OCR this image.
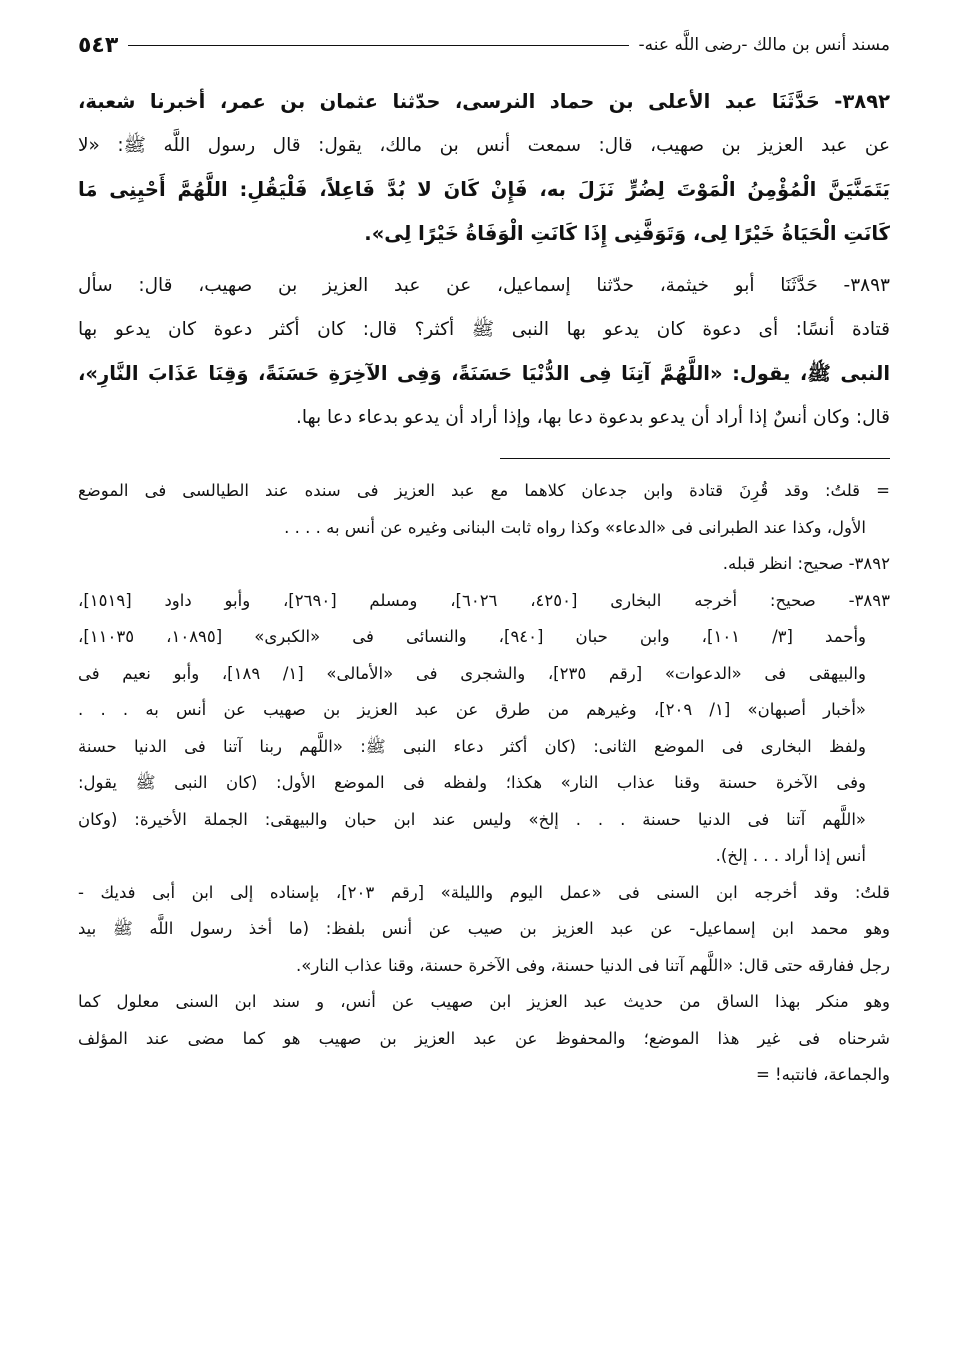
مسند أنس بن مالك -رضى اللَّه عنه-
٥٤٣
٣٨٩٢- حَدَّثَنَا عبد الأعلى بن حماد النرسى، حدّثنا عثمان بن عمر، أخبرنا شعبة،
عن عبد العزيز بن صهيب، قال: سمعت أنس بن مالك، يقول: قال رسول اللَّه ﷺ: «لا
يَتَمَنَّيَنَّ الْمُؤْمِنُ الْمَوْتَ لِضُرٍّ نَزَلَ به، فَإِنْ كَانَ لا بُدَّ فَاعِلاً، فَلْيَقُلِ: اللَّهُمَّ أَحْيِنِى مَا
كَانَتِ الْحَيَاةُ خَيْرًا لِى، وَتَوَفَّنِى إِذَا كَانَتِ الْوَفَاةُ خَيْرًا لِى».
٣٨٩٣- حَدَّثَنَا أبو خيثمة، حدّثنا إسماعيل، عن عبد العزيز بن صهيب، قال: سأل
قتادة أنسًا: أى دعوة كان يدعو بها النبى ﷺ أكثر؟ قال: كان أكثر دعوة كان يدعو بها
النبى ﷺ، يقول: «اللَّهُمَّ آتِنَا فِى الدُّنْيَا حَسَنَةً، وَفِى الآخِرَةِ حَسَنَةً، وَقِنَا عَذَابَ النَّارِ»،
قال: وكان أنسٌ إذا أراد أن يدعو بدعوة دعا بها، وإذا أراد أن يدعو بدعاء دعا بها.
= قلتُ: وقد قُرِنَ قتادة وابن جدعان كلاهما مع عبد العزيز فى سنده عند الطيالسى فى الموضع
الأول، وكذا عند الطبرانى فى «الدعاء» وكذا رواه ثابت البنانى وغيره عن أنس به . . . .
٣٨٩٢- صحيح: انظر قبله.
٣٨٩٣- صحيح: أخرجه البخارى [٤٢٥٠، ٦٠٢٦]، ومسلم [٢٦٩٠]، وأبو داود [١٥١٩]،
وأحمد [٣/ ١٠١]، وابن حبان [٩٤٠]، والنسائى فى «الكبرى» [١٠٨٩٥، ١١٠٣٥]،
والبيهقى فى «الدعوات» [رقم ٢٣٥]، والشجرى فى «الأمالى» [١/ ١٨٩]، وأبو نعيم فى
«أخبار أصبهان» [١/ ٢٠٩]، وغيرهم من طرق عن عبد العزيز بن صهيب عن أنس به . . .
ولفظ البخارى فى الموضع الثانى: (كان أكثر دعاء النبى ﷺ: «اللَّهم ربنا آتنا فى الدنيا حسنة
وفى الآخرة حسنة وقنا عذاب النار» هكذا؛ ولفظه فى الموضع الأول: (كان النبى ﷺ يقول:
«اللَّهم آتنا فى الدنيا حسنة . . . إلخ» وليس عند ابن حبان والبيهقى: الجملة الأخيرة: (وكان
أنس إذا أراد . . . إلخ).
قلتُ: وقد أخرجه ابن السنى فى «عمل اليوم والليلة» [رقم ٢٠٣]، بإسناده إلى ابن أبى فديك -
وهو محمد ابن إسماعيل- عن عبد العزيز بن صيب عن أنس بلفظ: (ما أخذ رسول اللَّه ﷺ بيد
رجل ففارقه حتى قال: «اللَّهم آتنا فى الدنيا حسنة، وفى الآخرة حسنة، وقنا عذاب النار».
وهو منكر بهذا الساق من حديث عبد العزيز ابن صهيب عن أنس، و سند ابن السنى معلول كما
شرحناه فى غير هذا الموضع؛ والمحفوظ عن عبد العزيز بن صهيب هو كما مضى عند المؤلف
والجماعة، فانتبه! =
